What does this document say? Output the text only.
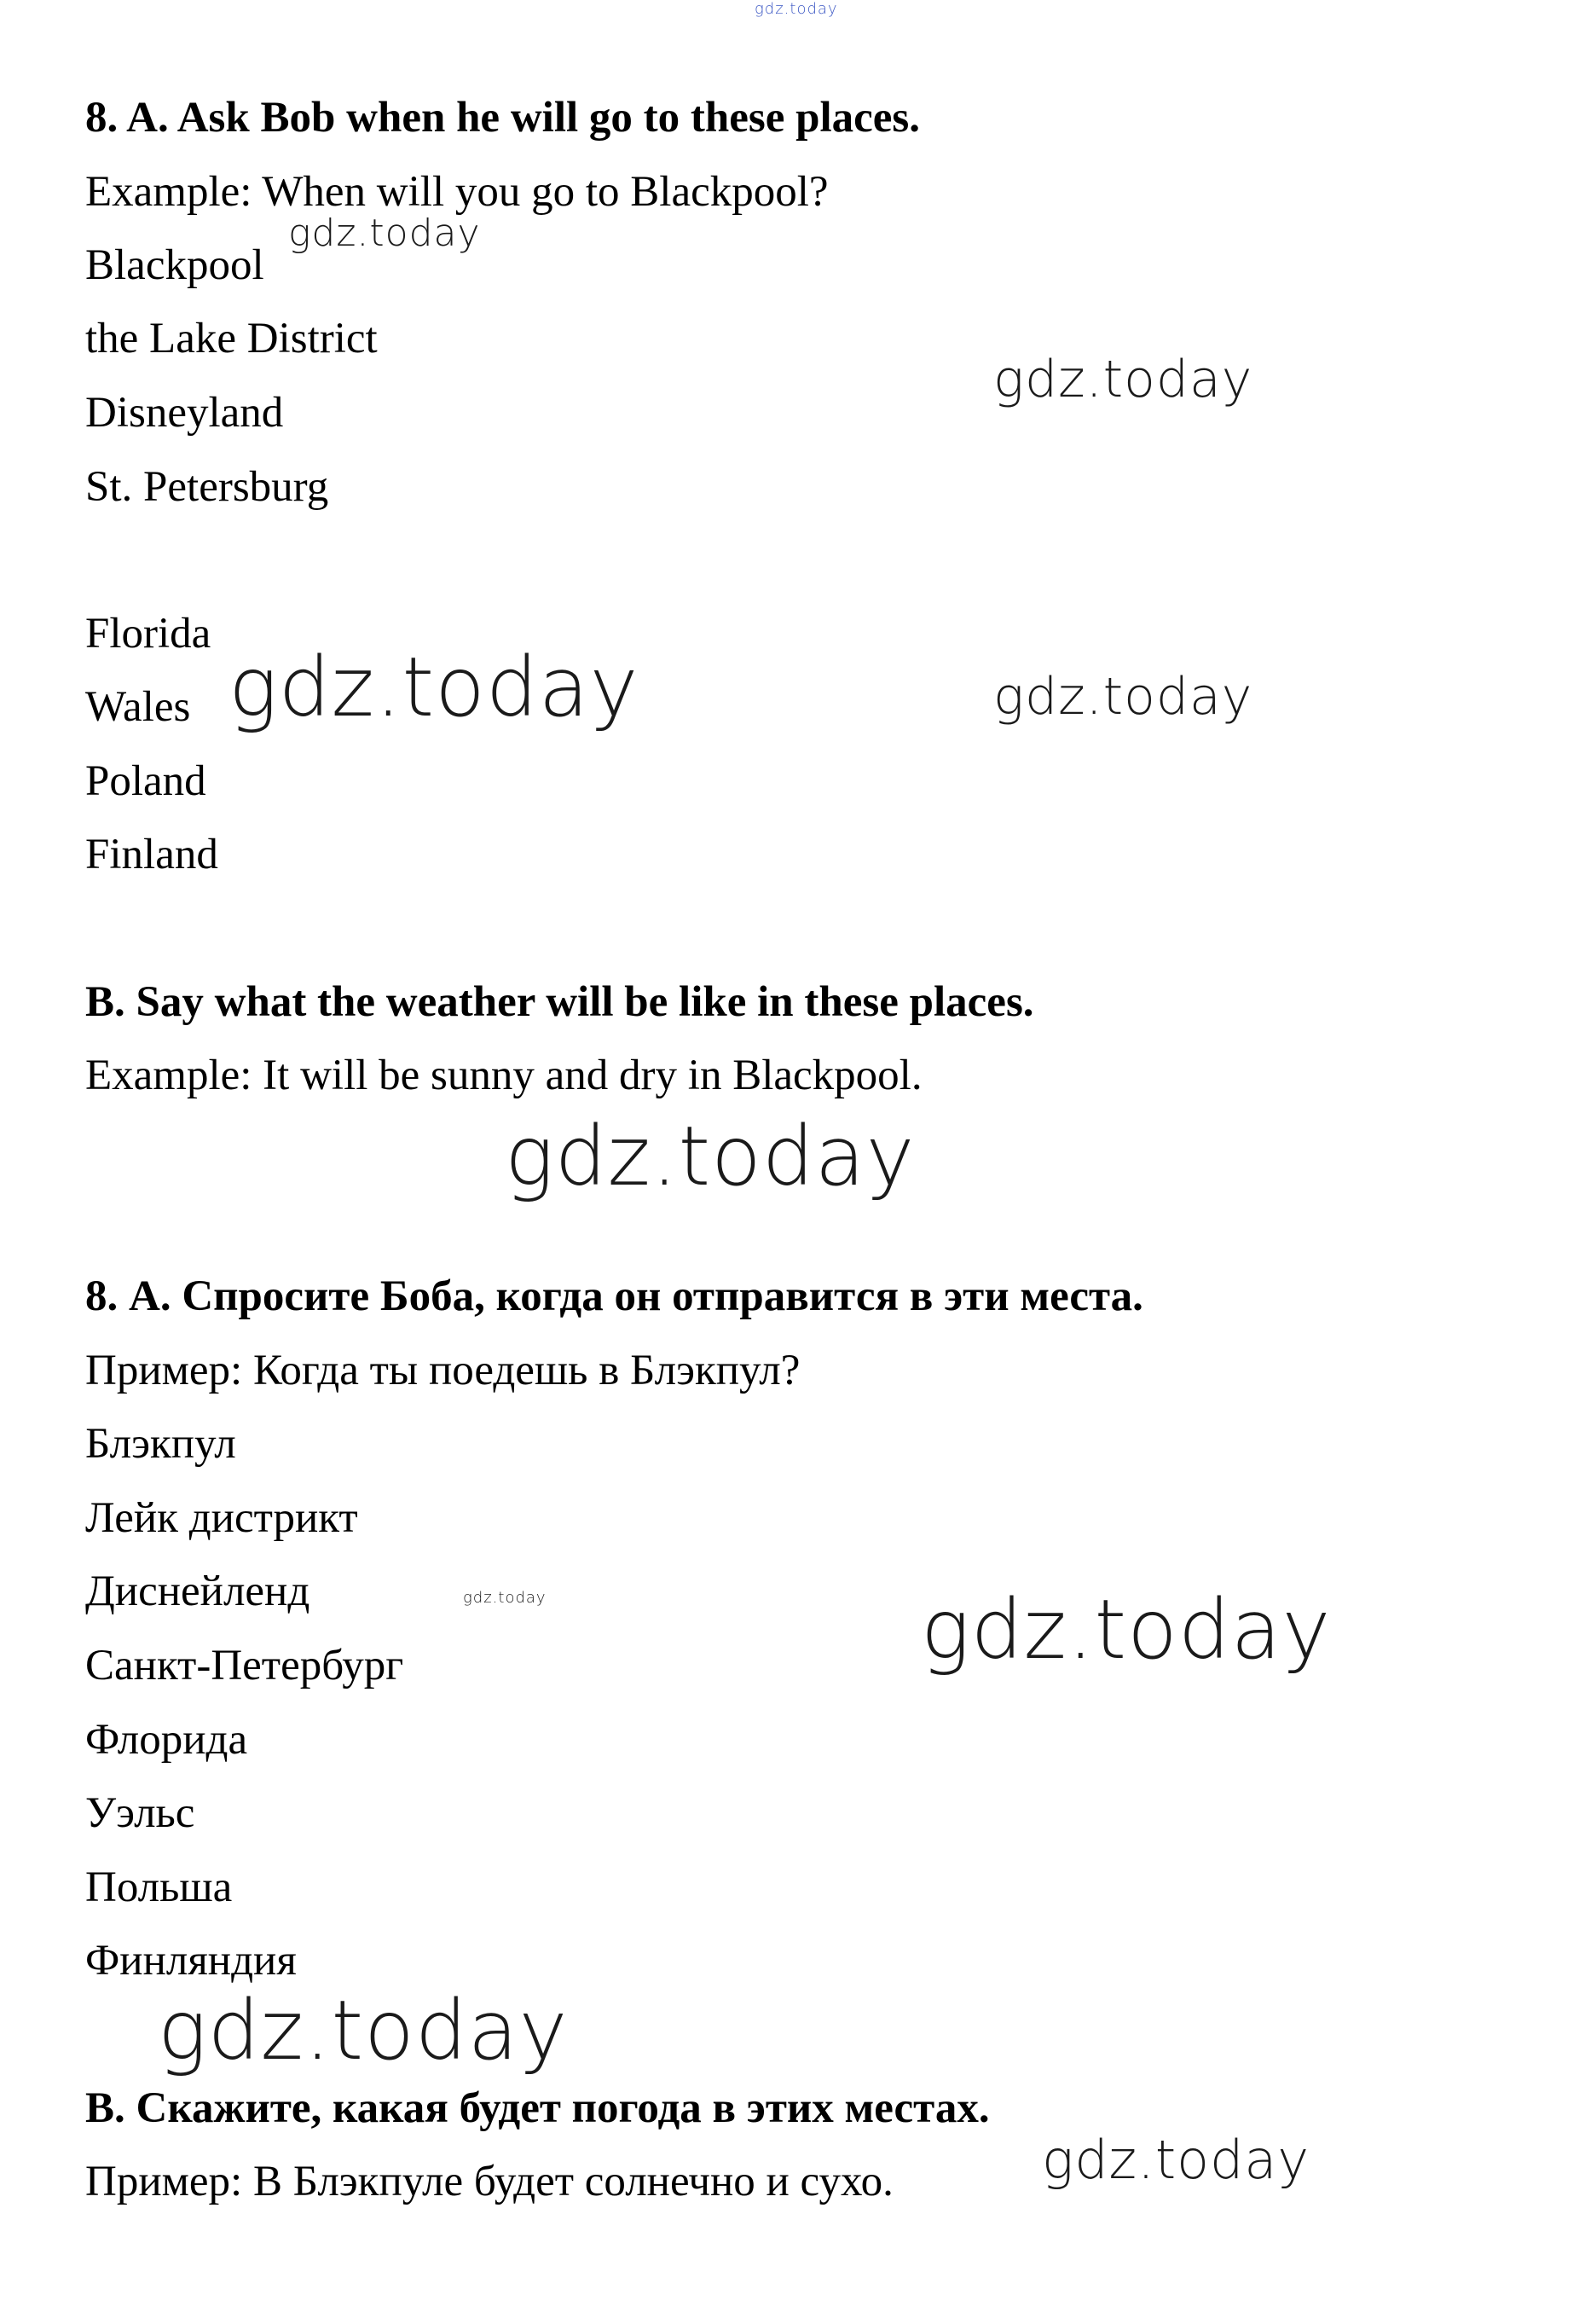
gdz.today
gdz.today
gdz.today
gdz.today	gdz.today
gdz.today
gdz.today	gdz.today
gdz.today
gdz.today
8. A. Ask Bob when he will go to these places.
Example: When will you go to Blackpool?
Blackpool
the Lake District
Disneyland
St. Petersburg
Florida
Wales
Poland
Finland
B. Say what the weather will be like in these places.
Example: It will be sunny and dry in Blackpool.
8. А. Спросите Боба, когда он отправится в эти места.
Пример: Когда ты поедешь в Блэкпул?
Блэкпул
Лейк дистрикт
Диснейленд
Санкт-Петербург
Флорида
Уэльс
Польша
Финляндия
В. Скажите, какая будет погода в этих местах.
Пример: В Блэкпуле будет солнечно и сухо.
